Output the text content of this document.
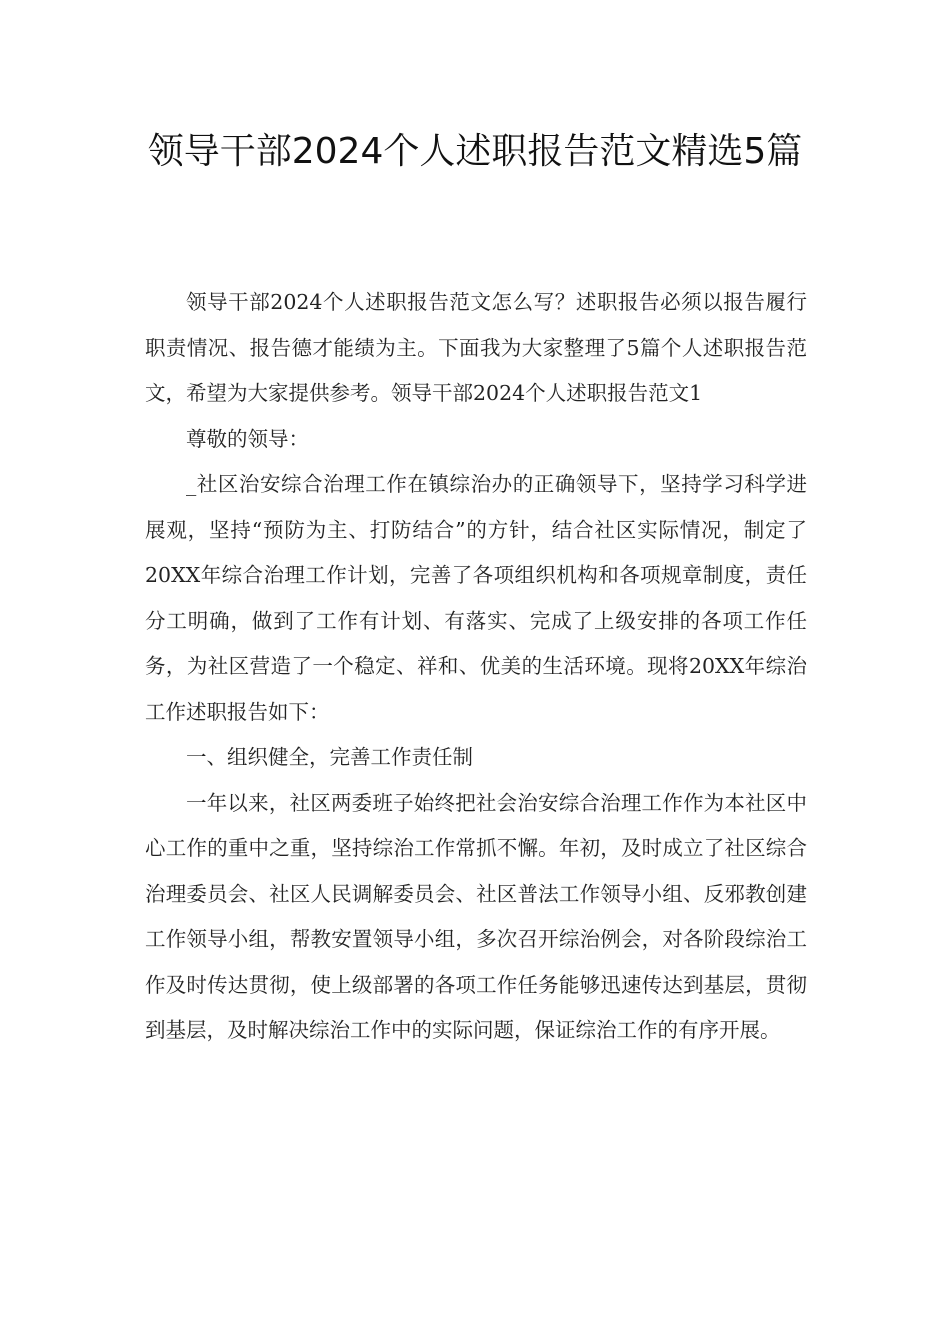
领导干部2024个人述职报告范文精选5篇

领导干部2024个人述职报告范文怎么写？述职报告必须以报告履行职责情况、报告德才能绩为主。下面我为大家整理了5篇个人述职报告范文，希望为大家提供参考。领导干部2024个人述职报告范文1

尊敬的领导：

_社区治安综合治理工作在镇综治办的正确领导下，坚持学习科学进展观，坚持“预防为主、打防结合”的方针，结合社区实际情况，制定了20XX年综合治理工作计划，完善了各项组织机构和各项规章制度，责任分工明确，做到了工作有计划、有落实、完成了上级安排的各项工作任务，为社区营造了一个稳定、祥和、优美的生活环境。现将20XX年综治工作述职报告如下：

一、组织健全，完善工作责任制

一年以来，社区两委班子始终把社会治安综合治理工作作为本社区中心工作的重中之重，坚持综治工作常抓不懈。年初，及时成立了社区综合治理委员会、社区人民调解委员会、社区普法工作领导小组、反邪教创建工作领导小组，帮教安置领导小组，多次召开综治例会，对各阶段综治工作及时传达贯彻，使上级部署的各项工作任务能够迅速传达到基层，贯彻到基层，及时解决综治工作中的实际问题，保证综治工作的有序开展。
